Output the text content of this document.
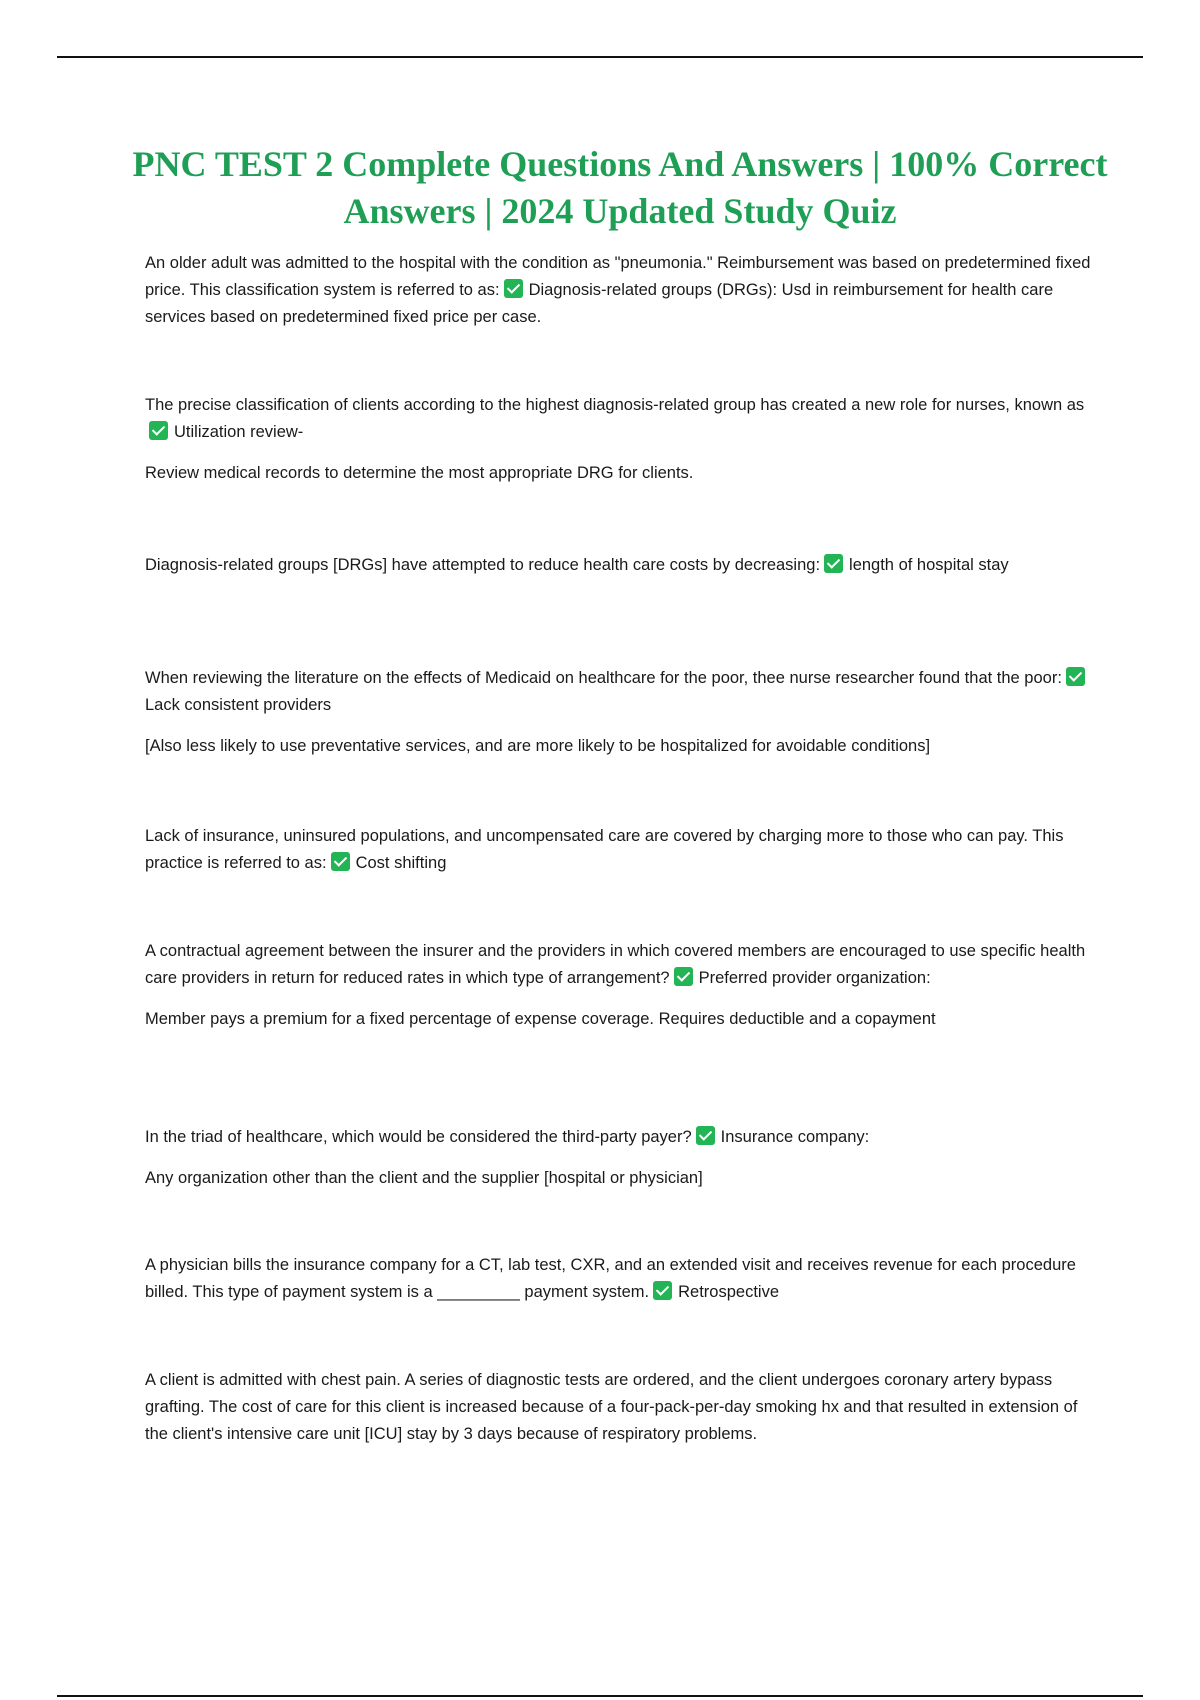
PNC TEST 2 Complete Questions And Answers | 100% Correct Answers | 2024 Updated Study Quiz

An older adult was admitted to the hospital with the condition as "pneumonia." Reimbursement was based on predetermined fixed price. This classification system is referred to as: Diagnosis-related groups (DRGs): Usd in reimbursement for health care services based on predetermined fixed price per case.

The precise classification of clients according to the highest diagnosis-related group has created a new role for nurses, known asUtilization review-

Review medical records to determine the most appropriate DRG for clients.

Diagnosis-related groups [DRGs] have attempted to reduce health care costs by decreasing: length of hospital stay

When reviewing the literature on the effects of Medicaid on healthcare for the poor, thee nurse researcher found that the poor:Lack consistent providers

[Also less likely to use preventative services, and are more likely to be hospitalized for avoidable conditions]

Lack of insurance, uninsured populations, and uncompensated care are covered by charging more to those who can pay. This practice is referred to as: Cost shifting

A contractual agreement between the insurer and the providers in which covered members are encouraged to use specific health care providers in return for reduced rates in which type of arrangement? Preferred provider organization:

Member pays a premium for a fixed percentage of expense coverage. Requires deductible and a copayment

In the triad of healthcare, which would be considered the third-party payer? Insurance company:

Any organization other than the client and the supplier [hospital or physician]

A physician bills the insurance company for a CT, lab test, CXR, and an extended visit and receives revenue for each procedure billed. This type of payment system is a _________ payment system. Retrospective

A client is admitted with chest pain. A series of diagnostic tests are ordered, and the client undergoes coronary artery bypass grafting. The cost of care for this client is increased because of a four-pack-per-day smoking hx and that resulted in extension of the client's intensive care unit [ICU] stay by 3 days because of respiratory problems.
